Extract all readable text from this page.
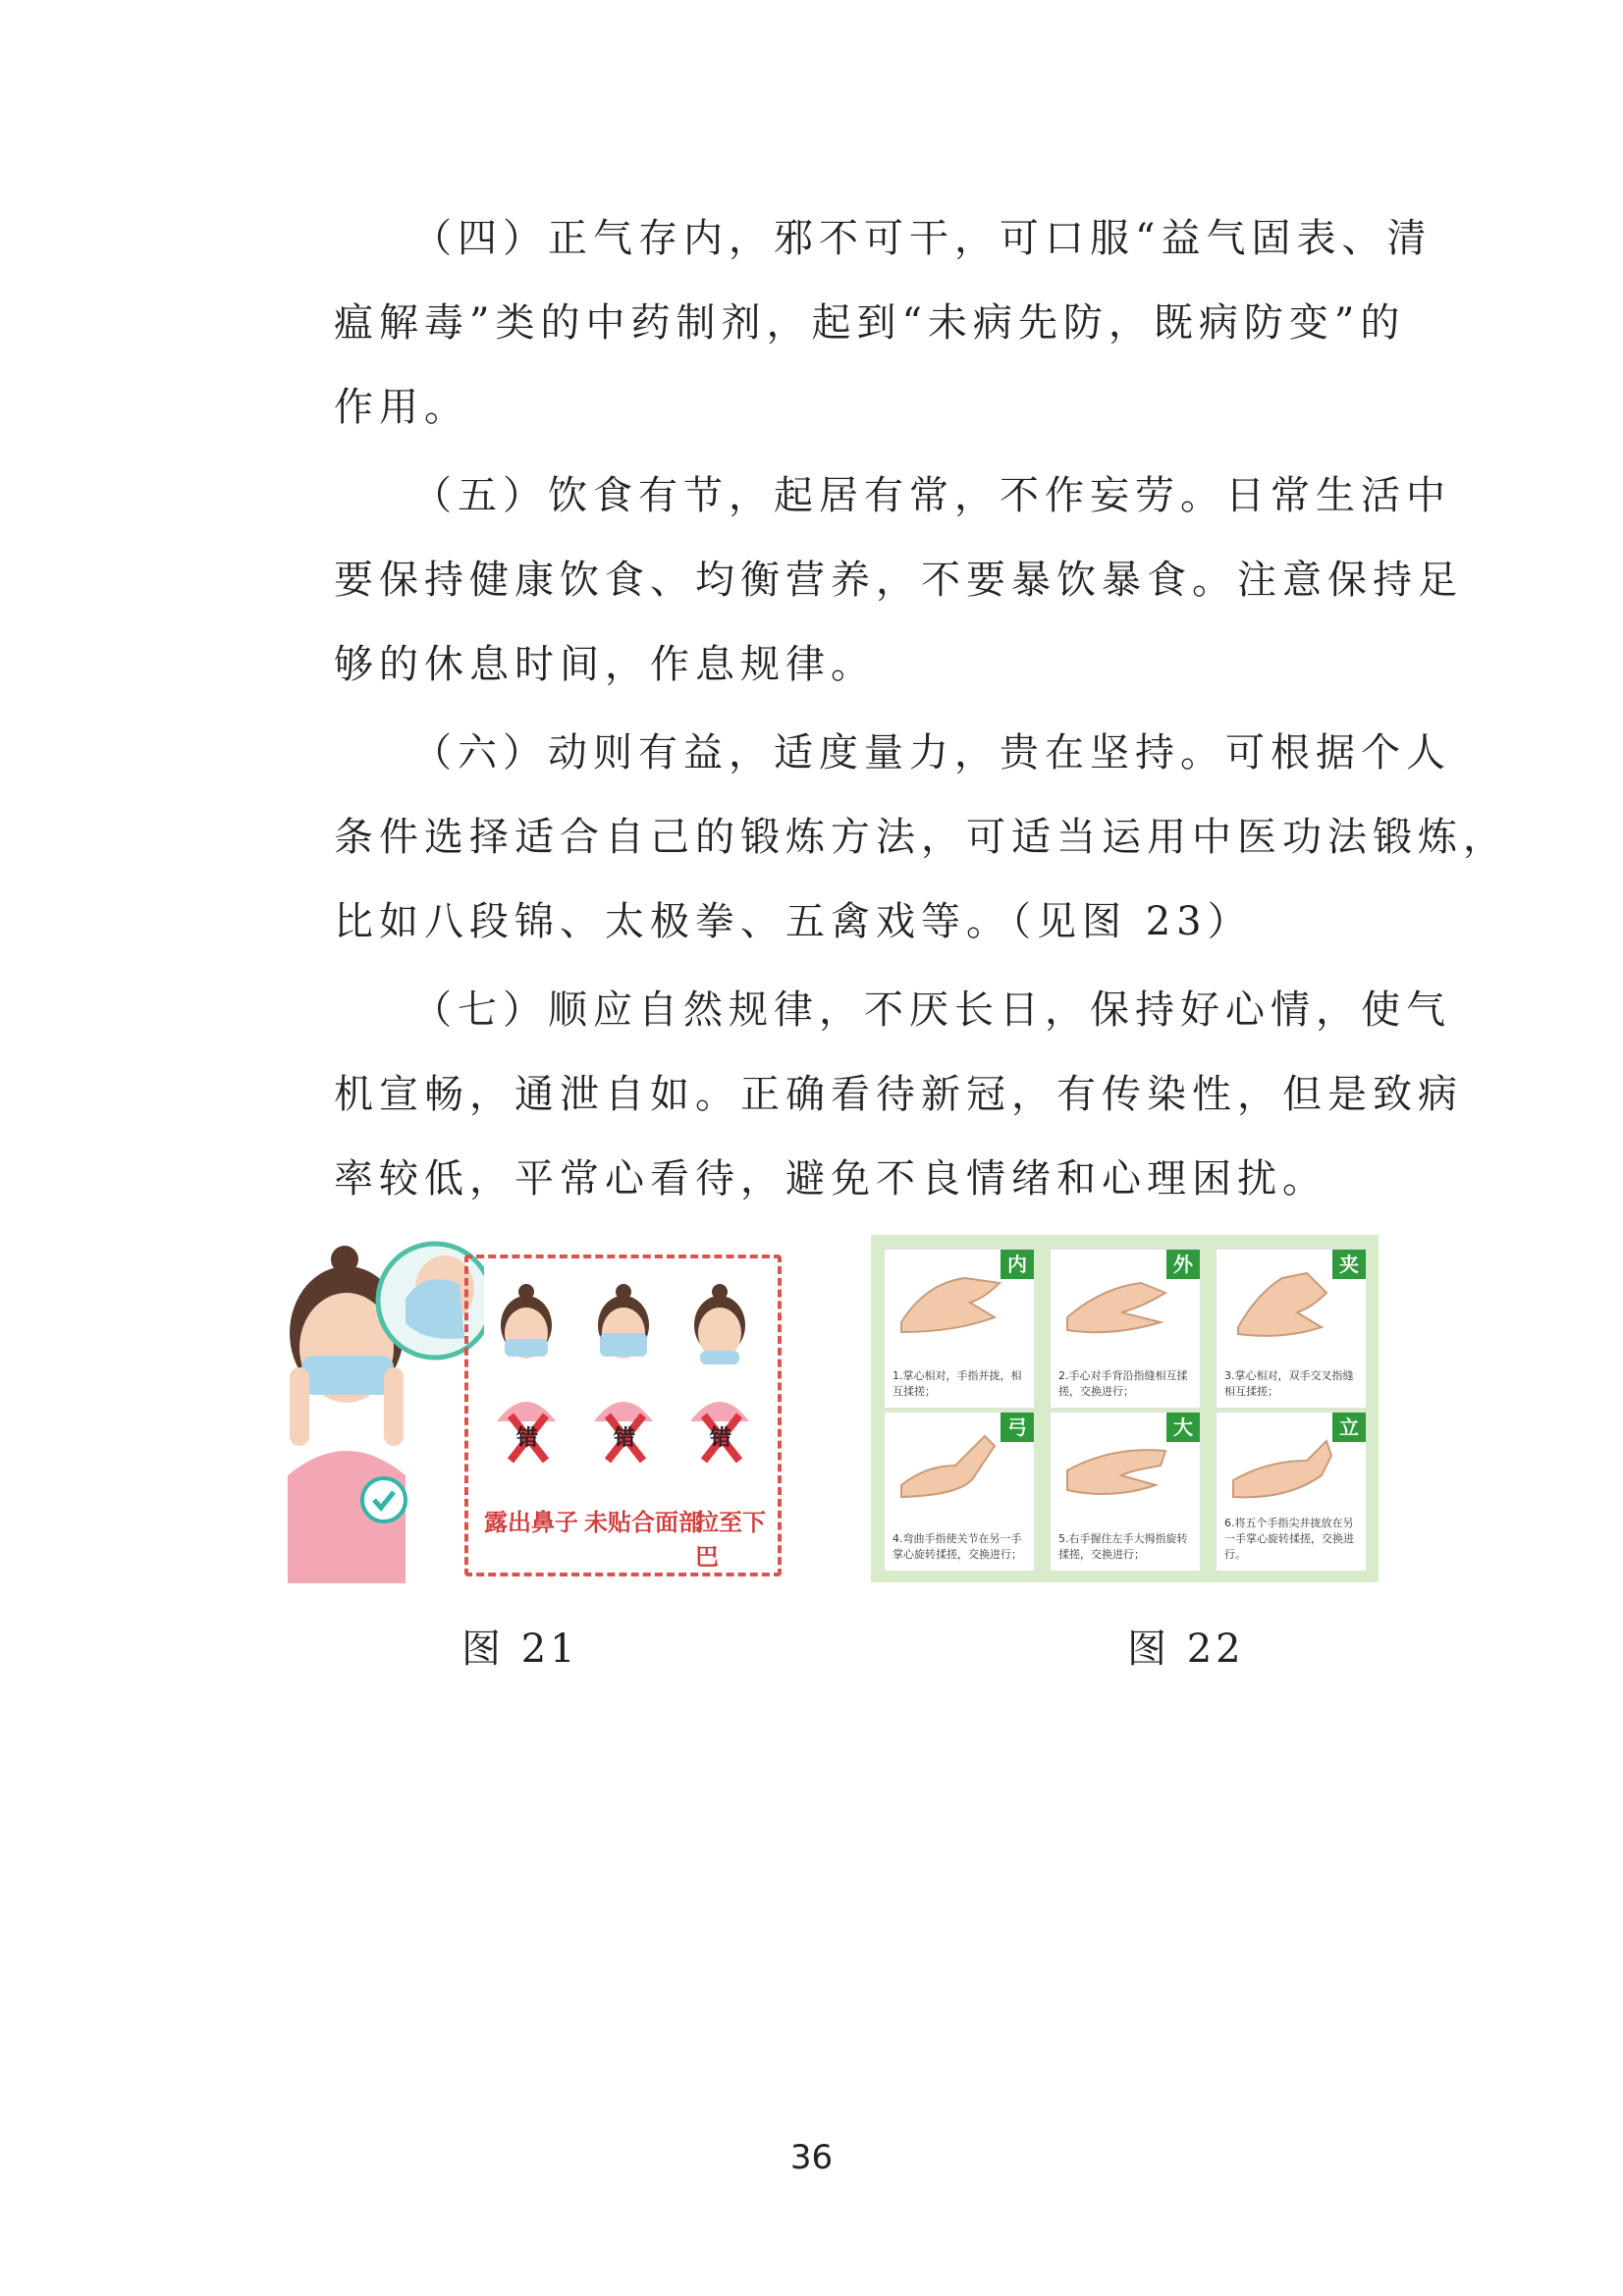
（四）正气存内，邪不可干，可口服“益气固表、清
瘟解毒”类的中药制剂，起到“未病先防，既病防变”的
作用。
（五）饮食有节，起居有常，不作妄劳。日常生活中
要保持健康饮食、均衡营养，不要暴饮暴食。注意保持足
够的休息时间，作息规律。
（六）动则有益，适度量力，贵在坚持。可根据个人
条件选择适合自己的锻炼方法，可适当运用中医功法锻炼，
比如八段锦、太极拳、五禽戏等。（见图 23）
（七）顺应自然规律，不厌长日，保持好心情，使气
机宣畅，通泄自如。正确看待新冠，有传染性，但是致病
率较低，平常心看待，避免不良情绪和心理困扰。
错	错	错
露出鼻子 未贴合面部
拉至下巴
内
1.掌心相对，手指并拢，相互揉搓；
外
2.手心对手背沿指缝相互揉搓，交换进行；
夹
3.掌心相对，双手交叉指缝相互揉搓；
弓
4.弯曲手指使关节在另一手掌心旋转揉搓，交换进行；
大
5.右手握住左手大拇指旋转揉搓，交换进行；
立
6.将五个手指尖并拢放在另一手掌心旋转揉搓，交换进行。
图 21	图 22
36
